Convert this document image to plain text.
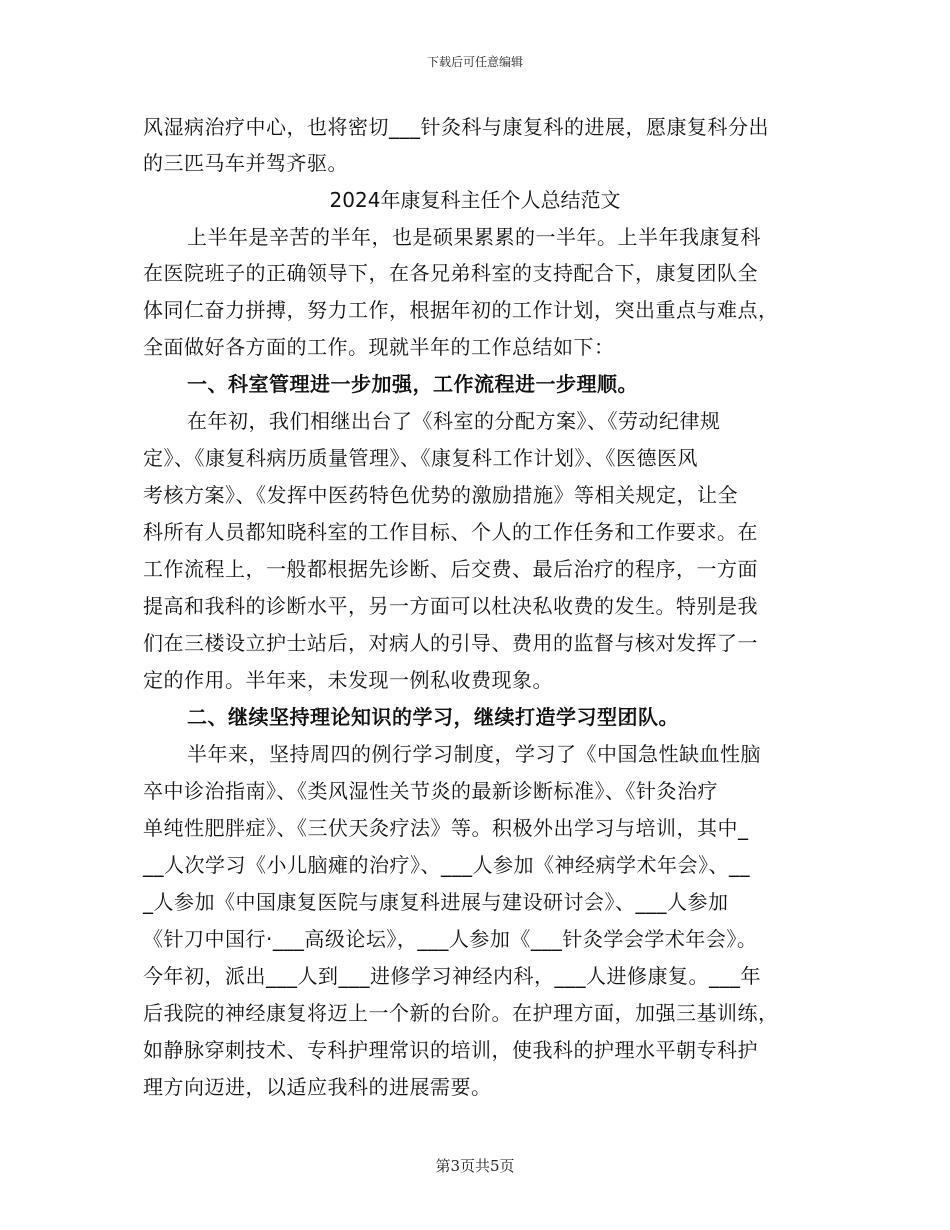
下载后可任意编辑
风湿病治疗中心，也将密切___针灸科与康复科的进展，愿康复科分出
的三匹马车并驾齐驱。
2024年康复科主任个人总结范文
上半年是辛苦的半年，也是硕果累累的一半年。上半年我康复科
在医院班子的正确领导下，在各兄弟科室的支持配合下，康复团队全
体同仁奋力拼搏，努力工作，根据年初的工作计划，突出重点与难点，
全面做好各方面的工作。现就半年的工作总结如下：
一、科室管理进一步加强，工作流程进一步理顺。
在年初，我们相继出台了《科室的分配方案》、《劳动纪律规
定》、《康复科病历质量管理》、《康复科工作计划》、《医德医风
考核方案》、《发挥中医药特色优势的激励措施》等相关规定，让全
科所有人员都知晓科室的工作目标、个人的工作任务和工作要求。在
工作流程上，一般都根据先诊断、后交费、最后治疗的程序，一方面
提高和我科的诊断水平，另一方面可以杜决私收费的发生。特别是我
们在三楼设立护士站后，对病人的引导、费用的监督与核对发挥了一
定的作用。半年来，未发现一例私收费现象。
二、继续坚持理论知识的学习，继续打造学习型团队。
半年来，坚持周四的例行学习制度，学习了《中国急性缺血性脑
卒中诊治指南》、《类风湿性关节炎的最新诊断标准》、《针灸治疗
单纯性肥胖症》、《三伏天灸疗法》等。积极外出学习与培训，其中_
__人次学习《小儿脑瘫的治疗》、___人参加《神经病学术年会》、__
_人参加《中国康复医院与康复科进展与建设研讨会》、___人参加
《针刀中国行·___高级论坛》，___人参加《___针灸学会学术年会》。
今年初，派出___人到___进修学习神经内科，___人进修康复。___年
后我院的神经康复将迈上一个新的台阶。在护理方面，加强三基训练，
如静脉穿刺技术、专科护理常识的培训，使我科的护理水平朝专科护
理方向迈进，以适应我科的进展需要。
第3页共5页
